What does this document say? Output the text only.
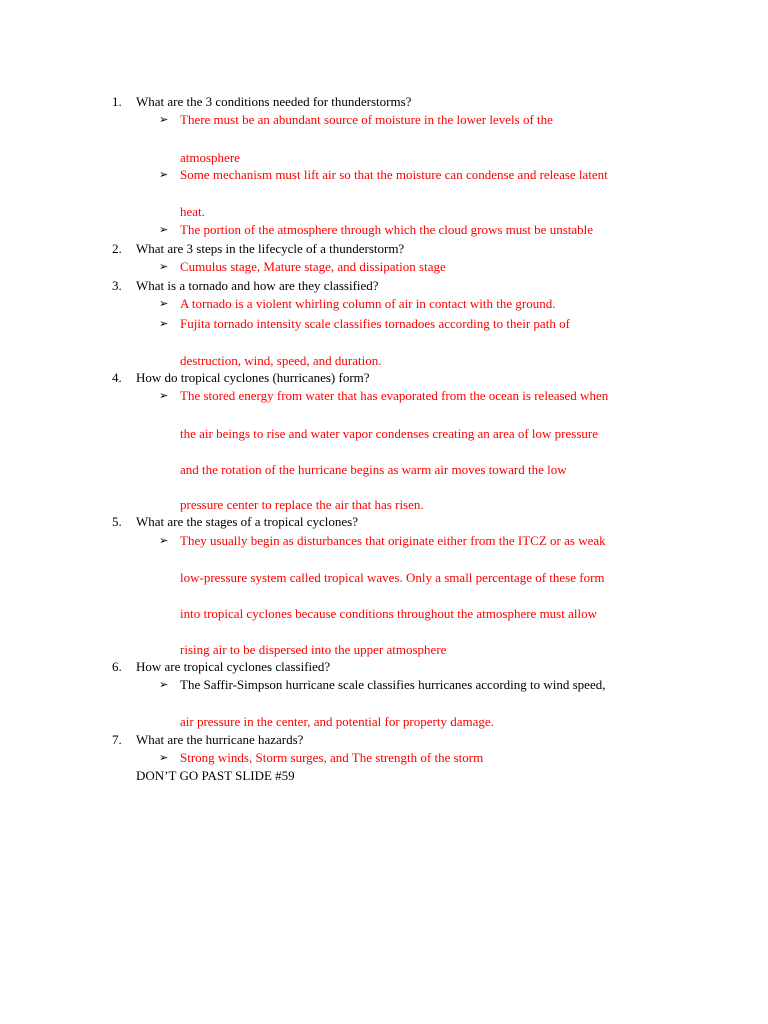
1. What are the 3 conditions needed for thunderstorms?
➢ There must be an abundant source of moisture in the lower levels of the
atmosphere
➢ Some mechanism must lift air so that the moisture can condense and release latent
heat.
➢ The portion of the atmosphere through which the cloud grows must be unstable
2. What are 3 steps in the lifecycle of a thunderstorm?
➢ Cumulus stage, Mature stage, and dissipation stage
3. What is a tornado and how are they classified?
➢ A tornado is a violent whirling column of air in contact with the ground.
➢ Fujita tornado intensity scale classifies tornadoes according to their path of
destruction, wind, speed, and duration.
4. How do tropical cyclones (hurricanes) form?
➢ The stored energy from water that has evaporated from the ocean is released when
the air beings to rise and water vapor condenses creating an area of low pressure
and the rotation of the hurricane begins as warm air moves toward the low
pressure center to replace the air that has risen.
5. What are the stages of a tropical cyclones?
➢ They usually begin as disturbances that originate either from the ITCZ or as weak
low-pressure system called tropical waves. Only a small percentage of these form
into tropical cyclones because conditions throughout the atmosphere must allow
rising air to be dispersed into the upper atmosphere
6. How are tropical cyclones classified?
➢ The Saffir-Simpson hurricane scale classifies hurricanes according to wind speed,
air pressure in the center, and potential for property damage.
7. What are the hurricane hazards?
➢ Strong winds, Storm surges, and The strength of the storm
DON’T GO PAST SLIDE #59
